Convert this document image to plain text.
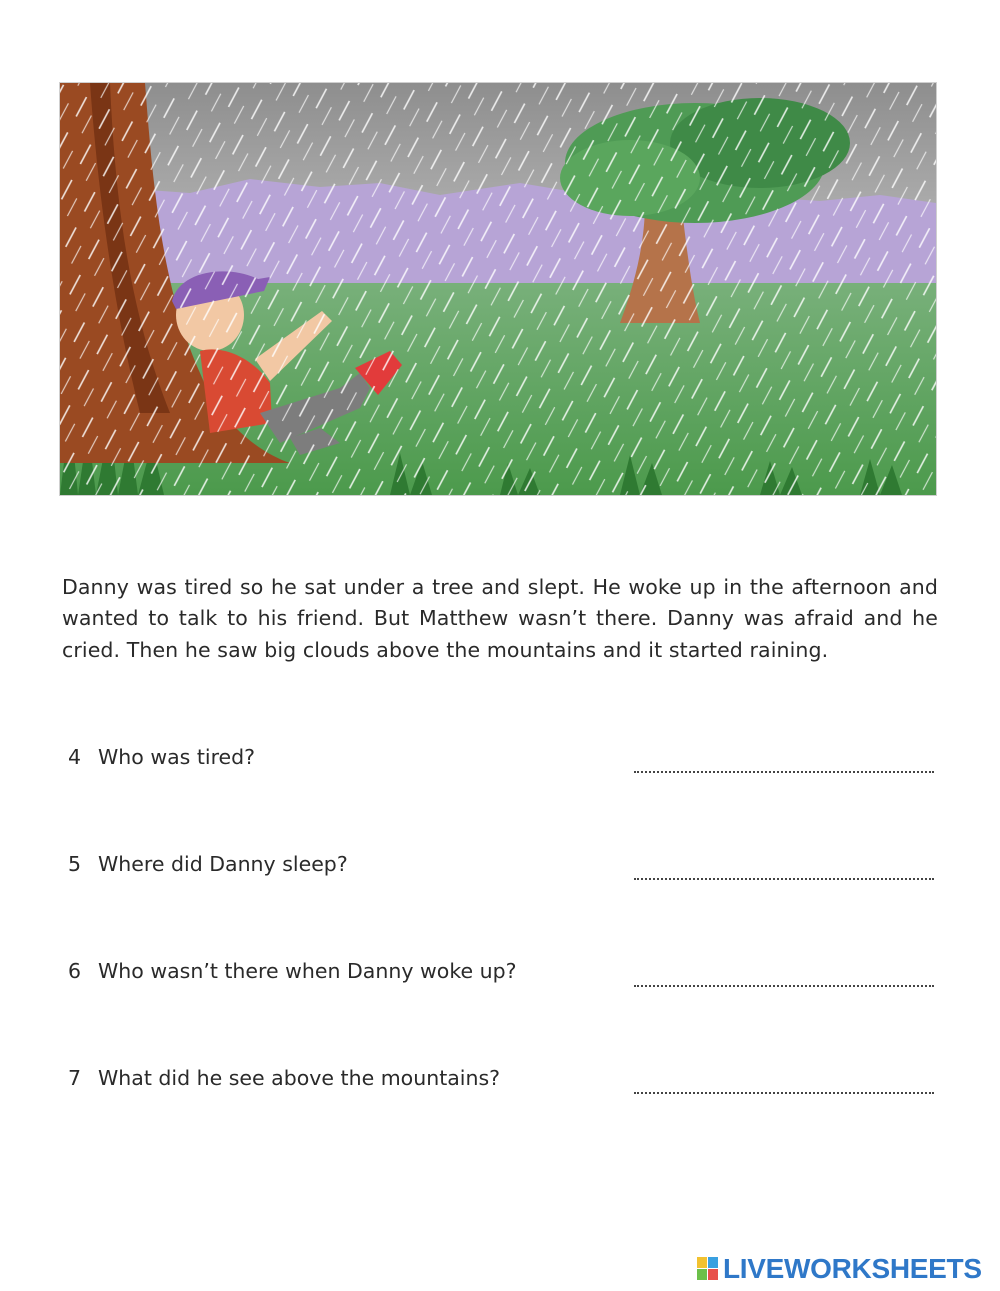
Danny was tired so he sat under a tree and slept. He woke up in the afternoon and wanted to talk to his friend. But Matthew wasn’t there. Danny was afraid and he cried. Then he saw big clouds above the mountains and it started raining.

4 Who was tired?
5 Where did Danny sleep?
6 Who wasn’t there when Danny woke up?
7 What did he see above the mountains?
LIVEWORKSHEETS
